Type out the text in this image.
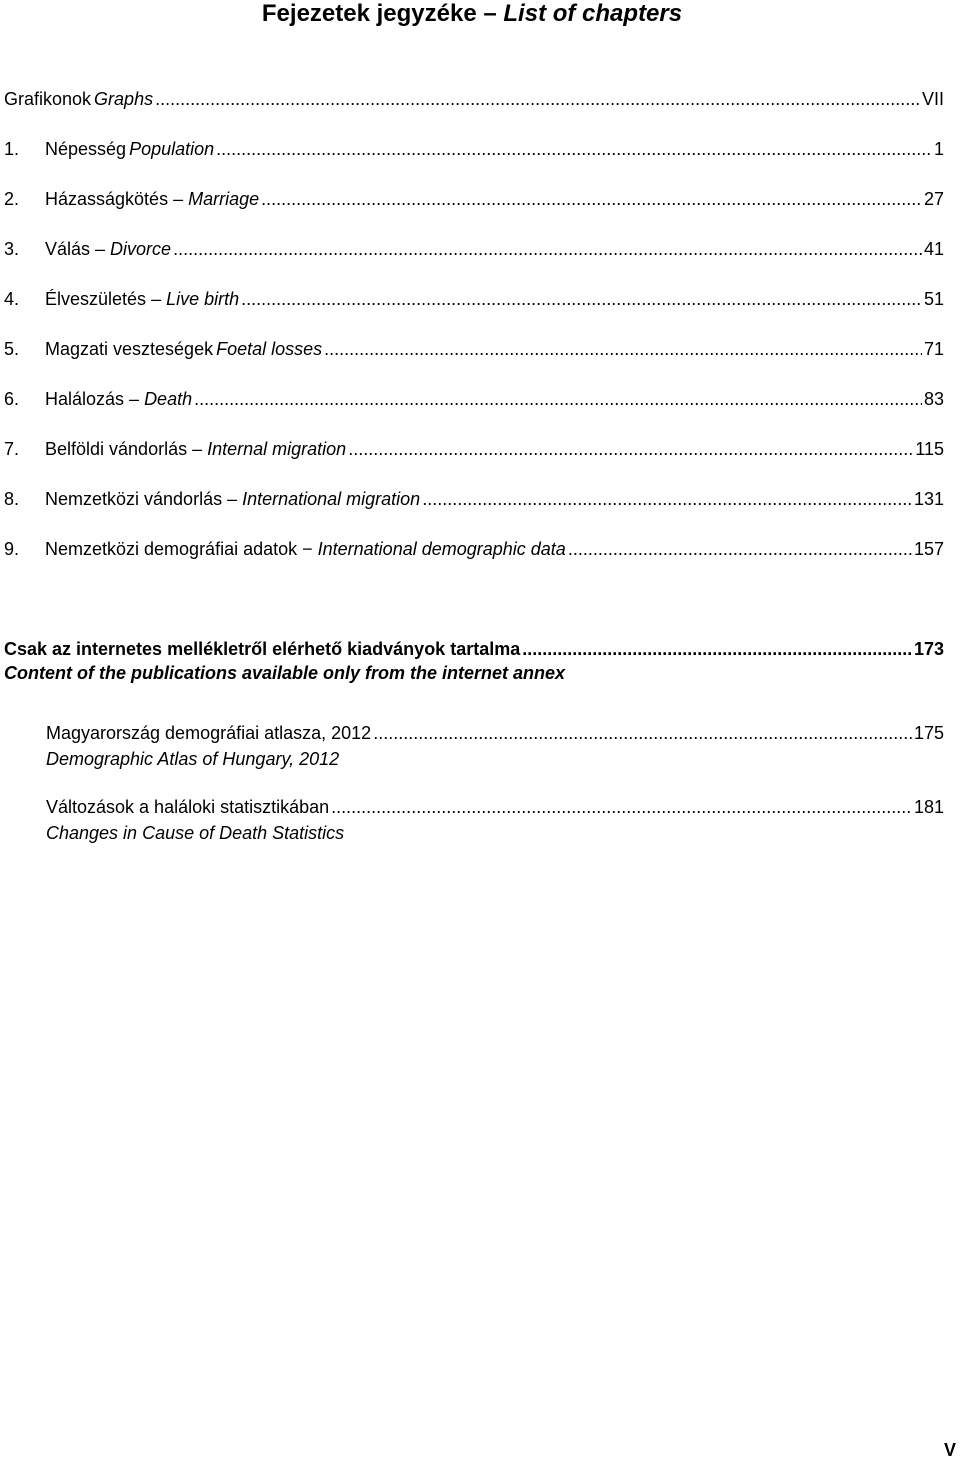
Fejezetek jegyzéke – List of chapters
Grafikonok Graphs .....	VII
1.	Népesség Population .....	1
2.	Házasságkötés – Marriage .....	27
3.	Válás – Divorce .....	41
4.	Élveszületés – Live birth .....	51
5.	Magzati veszteségek Foetal losses .....	71
6.	Halálozás – Death .....	83
7.	Belföldi vándorlás – Internal migration .....	115
8.	Nemzetközi vándorlás – International migration .....	131
9.	Nemzetközi demográfiai adatok − International demographic data .....	157
Csak az internetes mellékletről elérhető kiadványok tartalma .....	173
Content of the publications available only from the internet annex
Magyarország demográfiai atlasza, 2012 .....	175
Demographic Atlas of Hungary, 2012
Változások a haláloki statisztikában .....	181
Changes in Cause of Death Statistics
V
